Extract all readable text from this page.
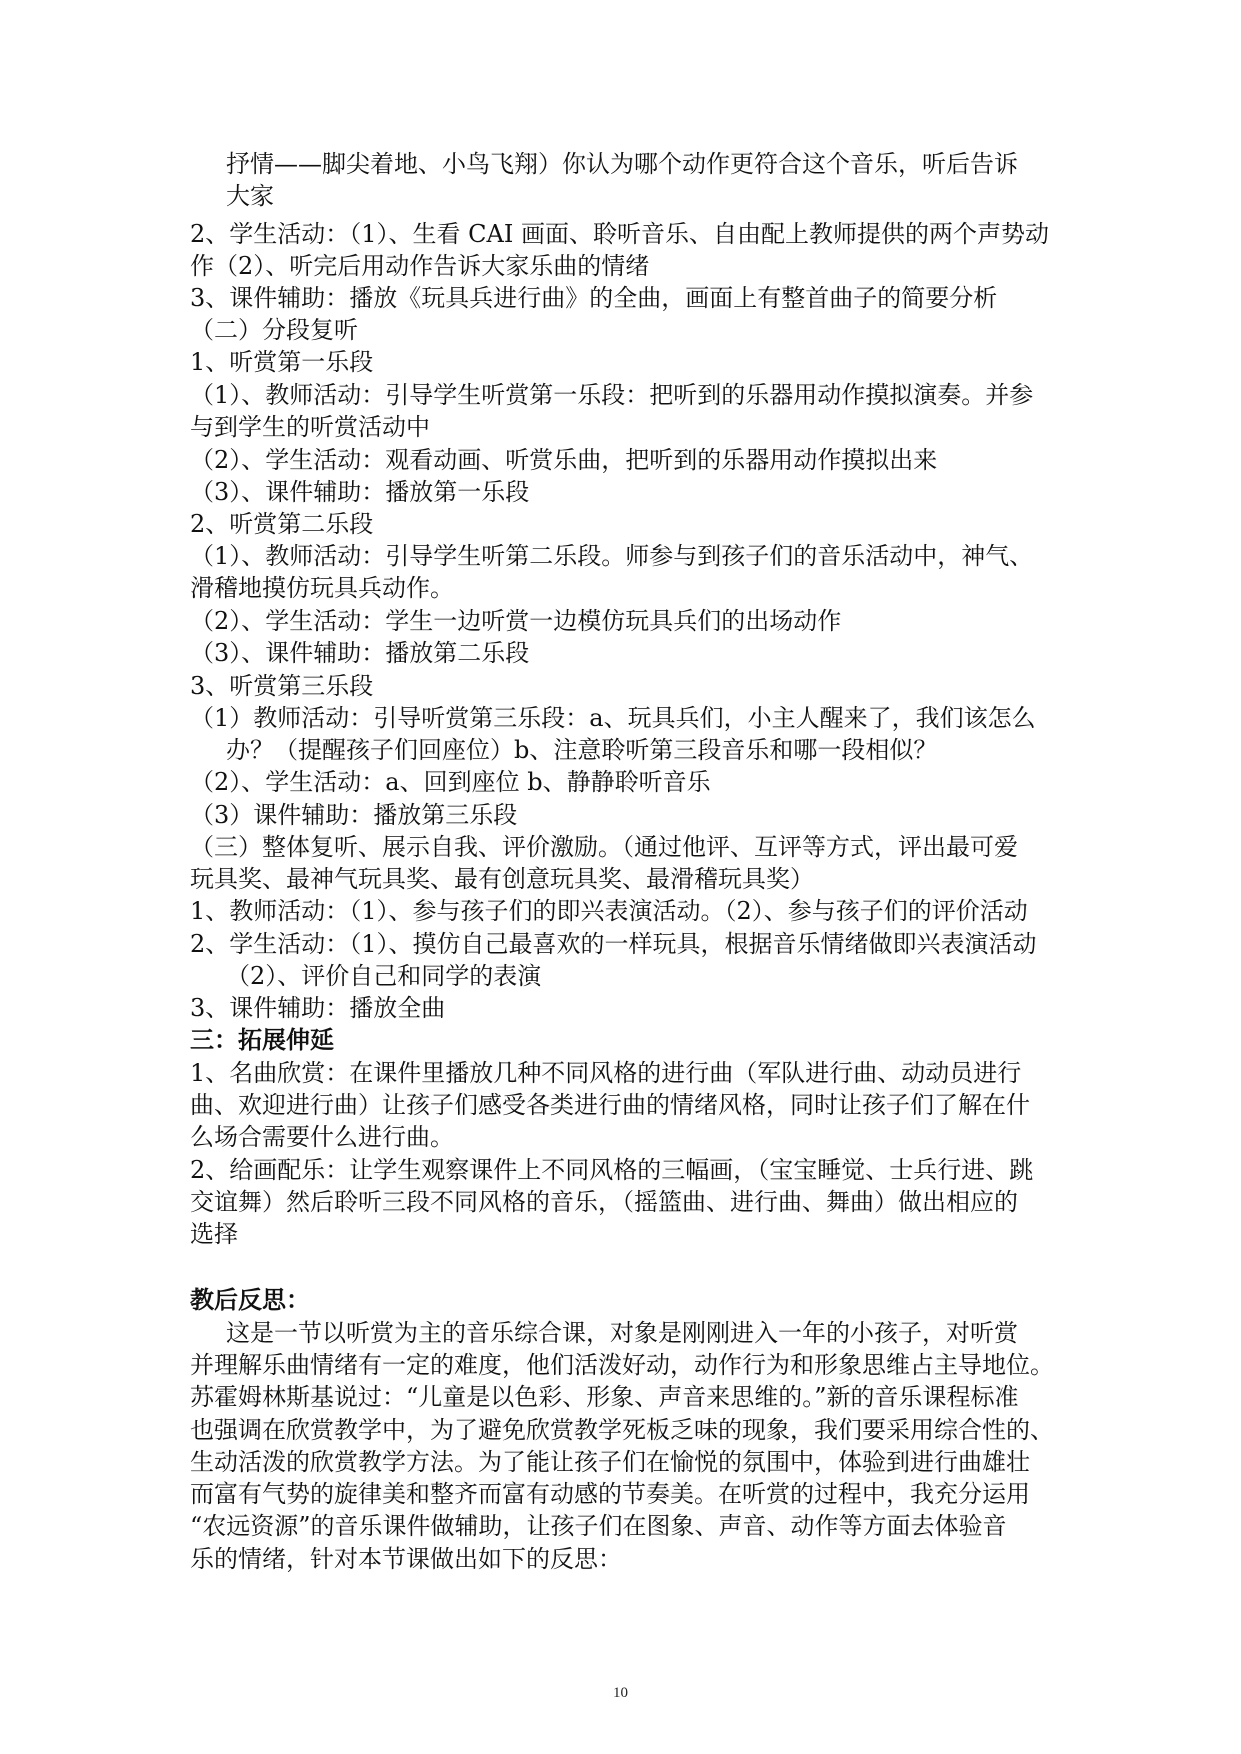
抒情——脚尖着地、小鸟飞翔）你认为哪个动作更符合这个音乐，听后告诉
大家
2、学生活动：（1）、生看 CAI 画面、聆听音乐、自由配上教师提供的两个声势动
作（2）、听完后用动作告诉大家乐曲的情绪
3、课件辅助：播放《玩具兵进行曲》的全曲，画面上有整首曲子的简要分析
（二）分段复听
1、听赏第一乐段
（1）、教师活动：引导学生听赏第一乐段：把听到的乐器用动作摸拟演奏。并参
与到学生的听赏活动中
（2）、学生活动：观看动画、听赏乐曲，把听到的乐器用动作摸拟出来
（3）、课件辅助：播放第一乐段
2、听赏第二乐段
（1）、教师活动：引导学生听第二乐段。师参与到孩子们的音乐活动中，神气、
滑稽地摸仿玩具兵动作。
（2）、学生活动：学生一边听赏一边模仿玩具兵们的出场动作
（3）、课件辅助：播放第二乐段
3、听赏第三乐段
（1）教师活动：引导听赏第三乐段：a、玩具兵们，小主人醒来了，我们该怎么
办？（提醒孩子们回座位）b、注意聆听第三段音乐和哪一段相似？
（2）、学生活动：a、回到座位 b、静静聆听音乐
（3）课件辅助：播放第三乐段
（三）整体复听、展示自我、评价激励。（通过他评、互评等方式，评出最可爱
玩具奖、最神气玩具奖、最有创意玩具奖、最滑稽玩具奖）
1、教师活动：（1）、参与孩子们的即兴表演活动。（2）、参与孩子们的评价活动
2、学生活动：（1）、摸仿自己最喜欢的一样玩具，根据音乐情绪做即兴表演活动
（2）、评价自己和同学的表演
3、课件辅助：播放全曲
三：拓展伸延
1、名曲欣赏：在课件里播放几种不同风格的进行曲（军队进行曲、动动员进行
曲、欢迎进行曲）让孩子们感受各类进行曲的情绪风格，同时让孩子们了解在什
么场合需要什么进行曲。
2、给画配乐：让学生观察课件上不同风格的三幅画，（宝宝睡觉、士兵行进、跳
交谊舞）然后聆听三段不同风格的音乐，（摇篮曲、进行曲、舞曲）做出相应的
选择
教后反思：
这是一节以听赏为主的音乐综合课，对象是刚刚进入一年的小孩子，对听赏
并理解乐曲情绪有一定的难度，他们活泼好动，动作行为和形象思维占主导地位。
苏霍姆林斯基说过：“儿童是以色彩、形象、声音来思维的。”新的音乐课程标准
也强调在欣赏教学中，为了避免欣赏教学死板乏味的现象，我们要采用综合性的、
生动活泼的欣赏教学方法。为了能让孩子们在愉悦的氛围中，体验到进行曲雄壮
而富有气势的旋律美和整齐而富有动感的节奏美。在听赏的过程中，我充分运用
“农远资源”的音乐课件做辅助，让孩子们在图象、声音、动作等方面去体验音
乐的情绪，针对本节课做出如下的反思：
10
